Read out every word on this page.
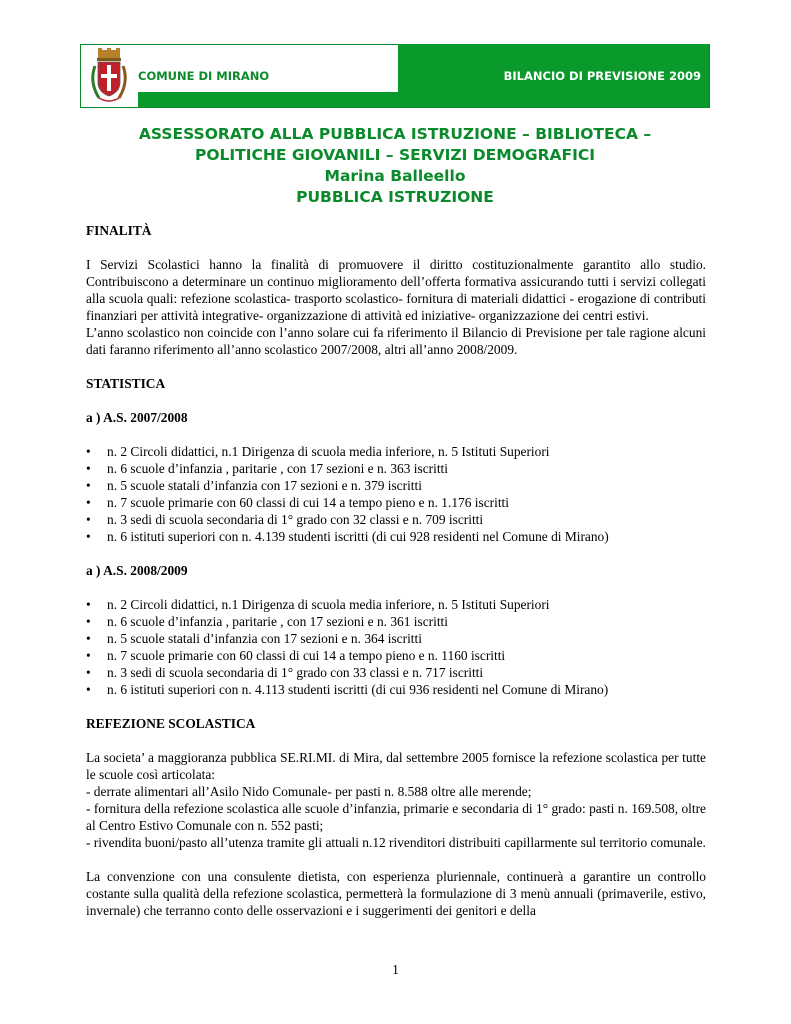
BILANCIO DI PREVISIONE 2009
COMUNE DI MIRANO
ASSESSORATO ALLA PUBBLICA ISTRUZIONE – BIBLIOTECA –
POLITICHE GIOVANILI – SERVIZI DEMOGRAFICI
Marina Balleello
PUBBLICA ISTRUZIONE

FINALITÀ

I Servizi Scolastici hanno la finalità di promuovere il diritto costituzionalmente garantito allo studio. Contribuiscono a determinare un continuo miglioramento dell’offerta formativa assicurando tutti i servizi collegati alla scuola quali: refezione scolastica- trasporto scolastico- fornitura di materiali didattici - erogazione di contributi finanziari per attività integrative- organizzazione di attività ed iniziative- organizzazione dei centri estivi.

L’anno scolastico non coincide con l’anno solare cui fa riferimento il Bilancio di Previsione per tale ragione alcuni dati faranno riferimento all’anno scolastico 2007/2008, altri all’anno 2008/2009.

STATISTICA

a ) A.S. 2007/2008

• n. 2 Circoli didattici, n.1 Dirigenza di scuola media inferiore, n. 5 Istituti Superiori
• n. 6 scuole d’infanzia , paritarie , con 17 sezioni e n. 363 iscritti
• n. 5 scuole statali d’infanzia con 17 sezioni e n. 379 iscritti
• n. 7 scuole primarie con 60 classi di cui 14 a tempo pieno e n. 1.176 iscritti
• n. 3 sedi di scuola secondaria di 1° grado con 32 classi e n. 709 iscritti
• n. 6 istituti superiori con n. 4.139 studenti iscritti (di cui 928 residenti nel Comune di Mirano)

a ) A.S. 2008/2009

• n. 2 Circoli didattici, n.1 Dirigenza di scuola media inferiore, n. 5 Istituti Superiori
• n. 6 scuole d’infanzia , paritarie , con 17 sezioni e n. 361 iscritti
• n. 5 scuole statali d’infanzia con 17 sezioni e n. 364 iscritti
• n. 7 scuole primarie con 60 classi di cui 14 a tempo pieno e n. 1160 iscritti
• n. 3 sedi di scuola secondaria di 1° grado con 33 classi e n. 717 iscritti
• n. 6 istituti superiori con n. 4.113 studenti iscritti (di cui 936 residenti nel Comune di Mirano)

REFEZIONE SCOLASTICA

La societa’ a maggioranza pubblica SE.RI.MI. di Mira, dal settembre 2005 fornisce la refezione scolastica per tutte le scuole così articolata:

- derrate alimentari all’Asilo Nido Comunale- per pasti n. 8.588 oltre alle merende;

- fornitura della refezione scolastica alle scuole d’infanzia, primarie e secondaria di 1° grado: pasti n. 169.508, oltre al Centro Estivo Comunale con n. 552 pasti;

- rivendita buoni/pasto all’utenza tramite gli attuali n.12 rivenditori distribuiti capillarmente sul territorio comunale.

La convenzione con una consulente dietista, con esperienza pluriennale, continuerà a garantire un controllo costante sulla qualità della refezione scolastica, permetterà la formulazione di 3 menù annuali (primaverile, estivo, invernale) che terranno conto delle osservazioni e i suggerimenti dei genitori e della

1
